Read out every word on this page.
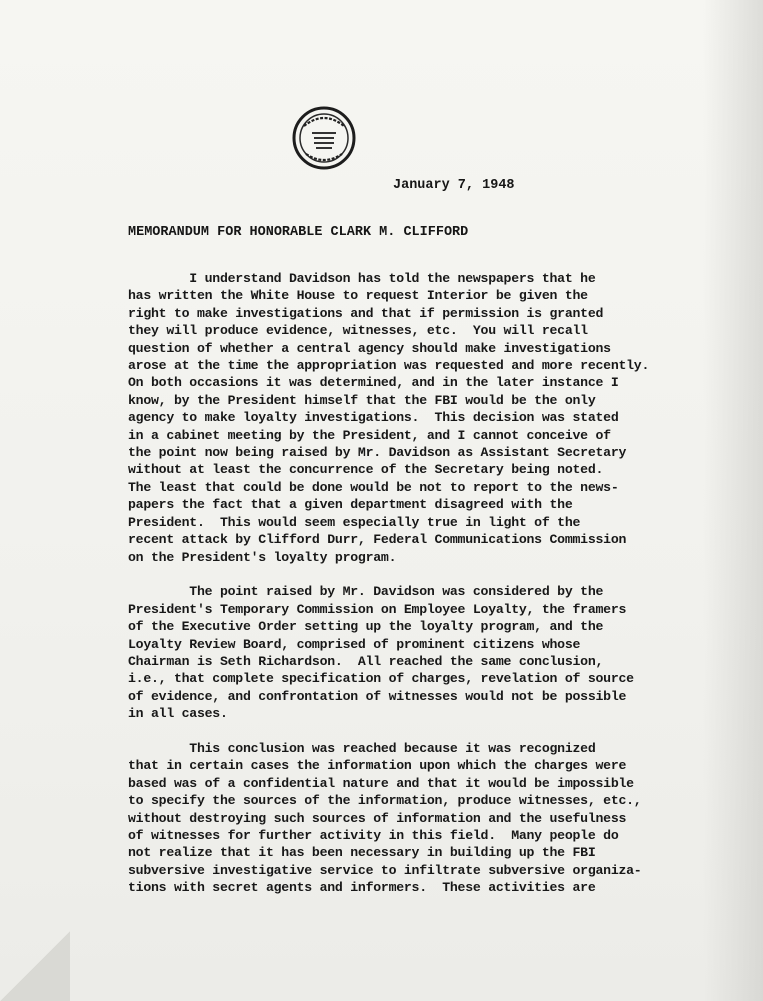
January 7, 1948
MEMORANDUM FOR HONORABLE CLARK M. CLIFFORD
I understand Davidson has told the newspapers that he
has written the White House to request Interior be given the
right to make investigations and that if permission is granted
they will produce evidence, witnesses, etc.  You will recall
question of whether a central agency should make investigations
arose at the time the appropriation was requested and more recently.
On both occasions it was determined, and in the later instance I
know, by the President himself that the FBI would be the only
agency to make loyalty investigations.  This decision was stated
in a cabinet meeting by the President, and I cannot conceive of
the point now being raised by Mr. Davidson as Assistant Secretary
without at least the concurrence of the Secretary being noted.
The least that could be done would be not to report to the news-
papers the fact that a given department disagreed with the
President.  This would seem especially true in light of the
recent attack by Clifford Durr, Federal Communications Commission
on the President's loyalty program.
The point raised by Mr. Davidson was considered by the
President's Temporary Commission on Employee Loyalty, the framers
of the Executive Order setting up the loyalty program, and the
Loyalty Review Board, comprised of prominent citizens whose
Chairman is Seth Richardson.  All reached the same conclusion,
i.e., that complete specification of charges, revelation of source
of evidence, and confrontation of witnesses would not be possible
in all cases.
This conclusion was reached because it was recognized
that in certain cases the information upon which the charges were
based was of a confidential nature and that it would be impossible
to specify the sources of the information, produce witnesses, etc.,
without destroying such sources of information and the usefulness
of witnesses for further activity in this field.  Many people do
not realize that it has been necessary in building up the FBI
subversive investigative service to infiltrate subversive organiza-
tions with secret agents and informers.  These activities are
